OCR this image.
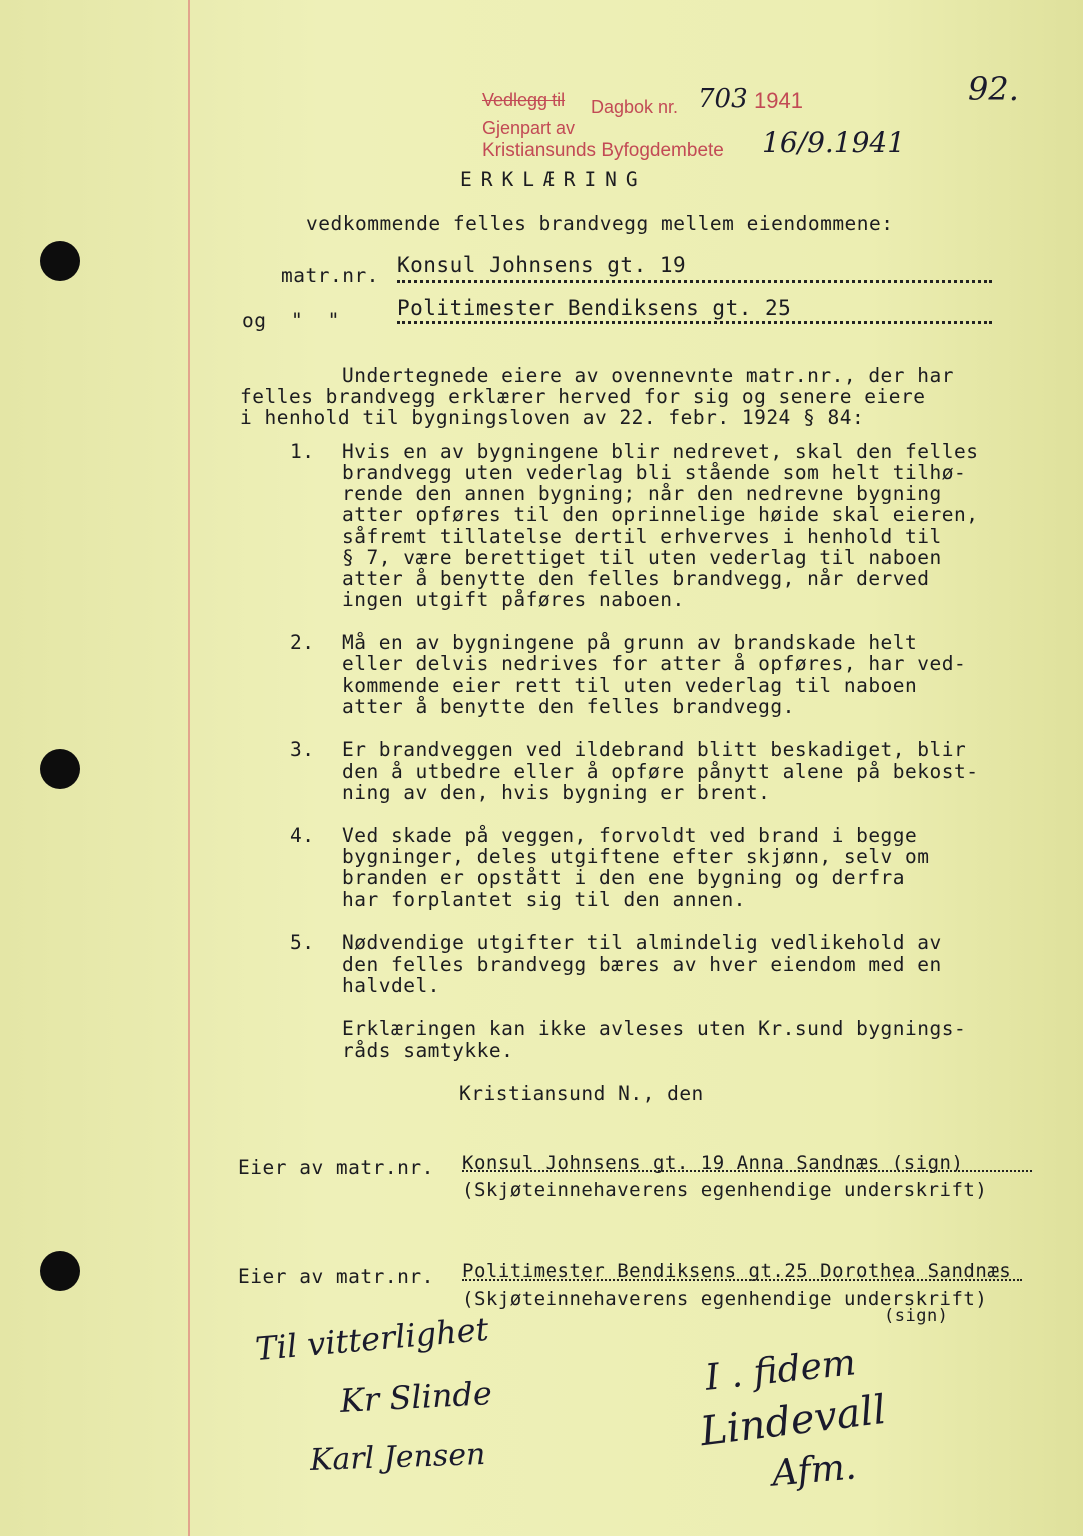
Vedlegg til Dagbok nr. 703 1941
Gjenpart av
Kristiansunds Byfogdembete 16/9.1941
92.
ERKLÆRING
vedkommende felles brandvegg mellem eiendommene:
matr.nr. Konsul Johnsens gt. 19
og  "  "
Politimester Bendiksens gt. 25
Undertegnede eiere av ovennevnte matr.nr., der har
felles brandvegg erklærer herved for sig og senere eiere
i henhold til bygningsloven av 22. febr. 1924 § 84:
1. Hvis en av bygningene blir nedrevet, skal den felles
brandvegg uten vederlag bli stående som helt tilhø-
rende den annen bygning; når den nedrevne bygning
atter opføres til den oprinnelige høide skal eieren,
såfremt tillatelse dertil erhverves i henhold til
§ 7, være berettiget til uten vederlag til naboen
atter å benytte den felles brandvegg, når derved
ingen utgift påføres naboen.
2. Må en av bygningene på grunn av brandskade helt
eller delvis nedrives for atter å opføres, har ved-
kommende eier rett til uten vederlag til naboen
atter å benytte den felles brandvegg.
3. Er brandveggen ved ildebrand blitt beskadiget, blir
den å utbedre eller å opføre pånytt alene på bekost-
ning av den, hvis bygning er brent.
4. Ved skade på veggen, forvoldt ved brand i begge
bygninger, deles utgiftene efter skjønn, selv om
branden er opstått i den ene bygning og derfra
har forplantet sig til den annen.
5. Nødvendige utgifter til almindelig vedlikehold av
den felles brandvegg bæres av hver eiendom med en
halvdel.
Erklæringen kan ikke avleses uten Kr.sund bygnings-
råds samtykke.
Kristiansund N., den
Eier av matr.nr. Konsul Johnsens gt. 19 Anna Sandnæs (sign)
(Skjøteinnehaverens egenhendige underskrift)
Eier av matr.nr. Politimester Bendiksens gt.25 Dorothea Sandnæs
(Skjøteinnehaverens egenhendige underskrift)
(sign)
Til vitterlighet
Kr Slinde
Karl Jensen
I . fidem
Lindevall
Afm.
